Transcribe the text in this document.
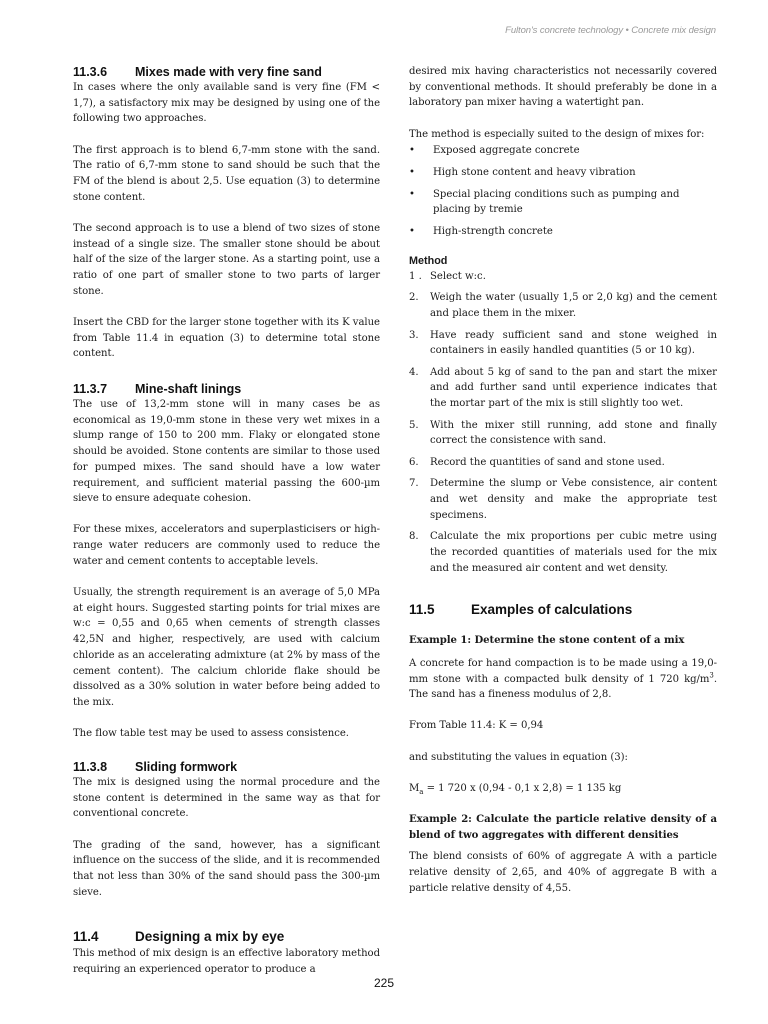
Fulton's concrete technology • Concrete mix design
11.3.6 Mixes made with very fine sand

In cases where the only available sand is very fine (FM < 1,7), a satisfactory mix may be designed by using one of the following two approaches.

The first approach is to blend 6,7-mm stone with the sand. The ratio of 6,7-mm stone to sand should be such that the FM of the blend is about 2,5. Use equation (3) to determine stone content.

The second approach is to use a blend of two sizes of stone instead of a single size. The smaller stone should be about half of the size of the larger stone. As a starting point, use a ratio of one part of smaller stone to two parts of larger stone.

Insert the CBD for the larger stone together with its K value from Table 11.4 in equation (3) to determine total stone content.

11.3.7 Mine-shaft linings

The use of 13,2-mm stone will in many cases be as economical as 19,0-mm stone in these very wet mixes in a slump range of 150 to 200 mm. Flaky or elongated stone should be avoided. Stone contents are similar to those used for pumped mixes. The sand should have a low water requirement, and sufficient material passing the 600-µm sieve to ensure adequate cohesion.

For these mixes, accelerators and superplasticisers or high-range water reducers are commonly used to reduce the water and cement contents to acceptable levels.

Usually, the strength requirement is an average of 5,0 MPa at eight hours. Suggested starting points for trial mixes are w:c = 0,55 and 0,65 when cements of strength classes 42,5N and higher, respectively, are used with calcium chloride as an accelerating admixture (at 2% by mass of the cement content). The calcium chloride flake should be dissolved as a 30% solution in water before being added to the mix.

The flow table test may be used to assess consistence.

11.3.8 Sliding formwork

The mix is designed using the normal procedure and the stone content is determined in the same way as that for conventional concrete.

The grading of the sand, however, has a significant influence on the success of the slide, and it is recommended that not less than 30% of the sand should pass the 300-µm sieve.

11.4	Designing a mix by eye

This method of mix design is an effective laboratory method requiring an experienced operator to produce a

desired mix having characteristics not necessarily covered by conventional methods. It should preferably be done in a laboratory pan mixer having a watertight pan.

The method is especially suited to the design of mixes for:

• Exposed aggregate concrete
• High stone content and heavy vibration
• Special placing conditions such as pumping and placing by tremie
• High-strength concrete
Method
1 . Select w:c.
2. Weigh the water (usually 1,5 or 2,0 kg) and the cement and place them in the mixer.
3. Have ready sufficient sand and stone weighed in containers in easily handled quantities (5 or 10 kg).
4. Add about 5 kg of sand to the pan and start the mixer and add further sand until experience indicates that the mortar part of the mix is still slightly too wet.
5. With the mixer still running, add stone and finally correct the consistence with sand.
6. Record the quantities of sand and stone used.
7. Determine the slump or Vebe consistence, air content and wet density and make the appropriate test specimens.
8. Calculate the mix proportions per cubic metre using the recorded quantities of materials used for the mix and the measured air content and wet density.
11.5	Examples of calculations

Example 1: Determine the stone content of a mix

A concrete for hand compaction is to be made using a 19,0-mm stone with a compacted bulk density of 1 720 $kg/m^3$. The sand has a fineness modulus of 2,8.

From Table 11.4: K = 0,94

and substituting the values in equation (3):

$M_a = 1$ 720 x (0,94 - 0,1 x 2,8) = 1 135 kg

Example 2: Calculate the particle relative density of a blend of two aggregates with different densities

The blend consists of 60% of aggregate A with a particle relative density of 2,65, and 40% of aggregate B with a particle relative density of 4,55.

225
